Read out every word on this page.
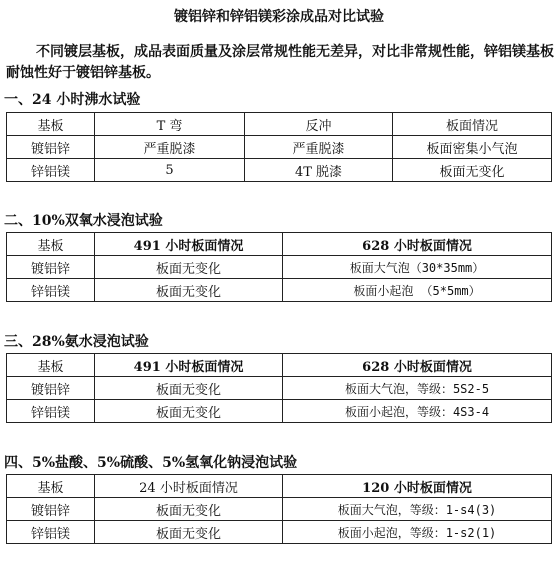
镀铝锌和锌铝镁彩涂成品对比试验
不同镀层基板，成品表面质量及涂层常规性能无差异，对比非常规性能，锌铝镁基板耐蚀性好于镀铝锌基板。
一、24 小时沸水试验
基板	T 弯	反冲	板面情况
镀铝锌	严重脱漆	严重脱漆	板面密集小气泡
锌铝镁	5	4T 脱漆	板面无变化
二、10%双氧水浸泡试验
基板	491 小时板面情况	628 小时板面情况
镀铝锌	板面无变化	板面大气泡（30*35mm）
锌铝镁	板面无变化	板面小起泡 （5*5mm）
三、28%氨水浸泡试验
基板	491 小时板面情况	628 小时板面情况
镀铝锌	板面无变化	板面大气泡，等级：5S2-5
锌铝镁	板面无变化	板面小起泡，等级：4S3-4
四、5%盐酸、5%硫酸、5%氢氧化钠浸泡试验
基板	24 小时板面情况	120 小时板面情况
镀铝锌	板面无变化	板面大气泡，等级：1-s4(3)
锌铝镁	板面无变化	板面小起泡，等级：1-s2(1)
